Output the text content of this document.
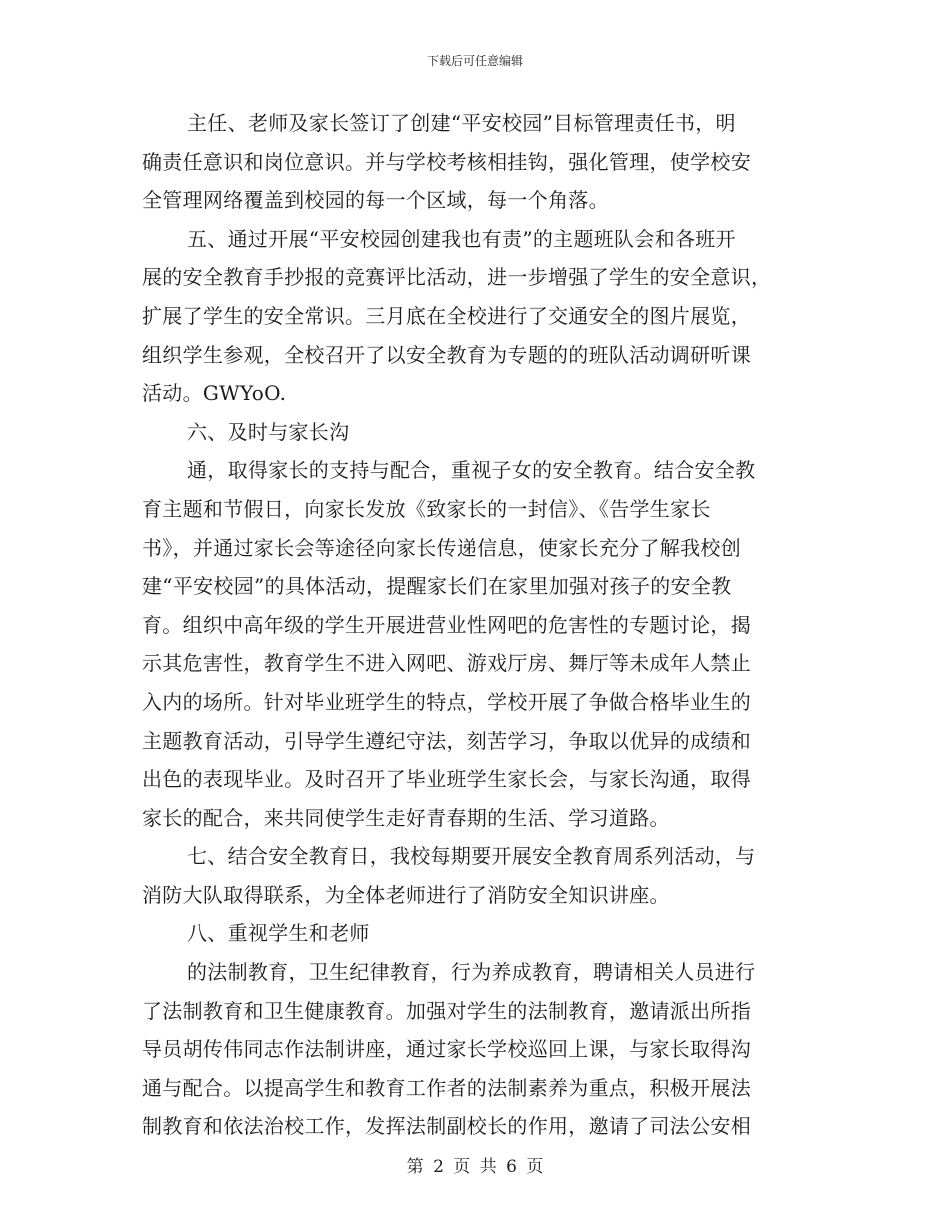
下载后可任意编辑
主任、老师及家长签订了创建“平安校园”目标管理责任书，明
确责任意识和岗位意识。并与学校考核相挂钩，强化管理，使学校安
全管理网络覆盖到校园的每一个区域，每一个角落。
五、通过开展“平安校园创建我也有责”的主题班队会和各班开
展的安全教育手抄报的竞赛评比活动，进一步增强了学生的安全意识，
扩展了学生的安全常识。三月底在全校进行了交通安全的图片展览，
组织学生参观，全校召开了以安全教育为专题的的班队活动调研听课
活动。GWYoO.
六、及时与家长沟
通，取得家长的支持与配合，重视子女的安全教育。结合安全教
育主题和节假日，向家长发放《致家长的一封信》、《告学生家长
书》，并通过家长会等途径向家长传递信息，使家长充分了解我校创
建“平安校园”的具体活动，提醒家长们在家里加强对孩子的安全教
育。组织中高年级的学生开展进营业性网吧的危害性的专题讨论，揭
示其危害性，教育学生不进入网吧、游戏厅房、舞厅等未成年人禁止
入内的场所。针对毕业班学生的特点，学校开展了争做合格毕业生的
主题教育活动，引导学生遵纪守法，刻苦学习，争取以优异的成绩和
出色的表现毕业。及时召开了毕业班学生家长会，与家长沟通，取得
家长的配合，来共同使学生走好青春期的生活、学习道路。
七、结合安全教育日，我校每期要开展安全教育周系列活动，与
消防大队取得联系，为全体老师进行了消防安全知识讲座。
八、重视学生和老师
的法制教育，卫生纪律教育，行为养成教育，聘请相关人员进行
了法制教育和卫生健康教育。加强对学生的法制教育，邀请派出所指
导员胡传伟同志作法制讲座，通过家长学校巡回上课，与家长取得沟
通与配合。以提高学生和教育工作者的法制素养为重点，积极开展法
制教育和依法治校工作，发挥法制副校长的作用，邀请了司法公安相
第 2 页 共 6 页
